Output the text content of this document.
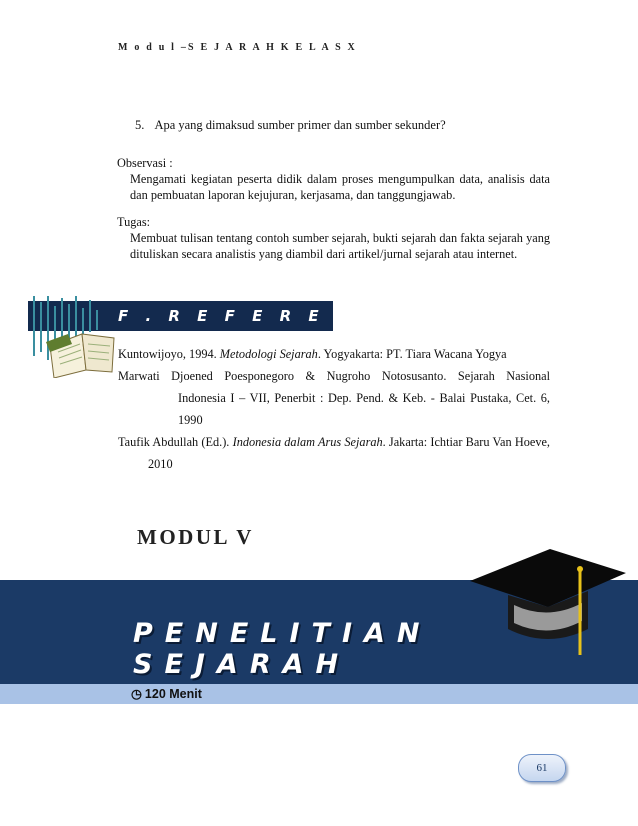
M o d u l –S E J A R A H K E L A S X
5. Apa yang dimaksud sumber primer dan sumber sekunder?
Observasi :
Mengamati kegiatan peserta didik dalam proses mengumpulkan data, analisis data dan pembuatan laporan kejujuran, kerjasama, dan tanggungjawab.
Tugas:
Membuat tulisan tentang contoh sumber sejarah, bukti sejarah dan fakta sejarah yang dituliskan secara analistis yang diambil dari artikel/jurnal sejarah atau internet.
F . R E F E R E N S I
Kuntowijoyo, 1994. Metodologi Sejarah. Yogyakarta: PT. Tiara Wacana Yogya
Marwati Djoened Poesponegoro & Nugroho Notosusanto. Sejarah Nasional
Indonesia I – VII, Penerbit : Dep. Pend. & Keb. - Balai Pustaka, Cet. 6, 1990
Taufik Abdullah (Ed.). Indonesia dalam Arus Sejarah. Jakarta: Ichtiar Baru Van Hoeve, 2010
MODUL V
PENELITIAN SEJARAH
◷ 120 Menit
61
